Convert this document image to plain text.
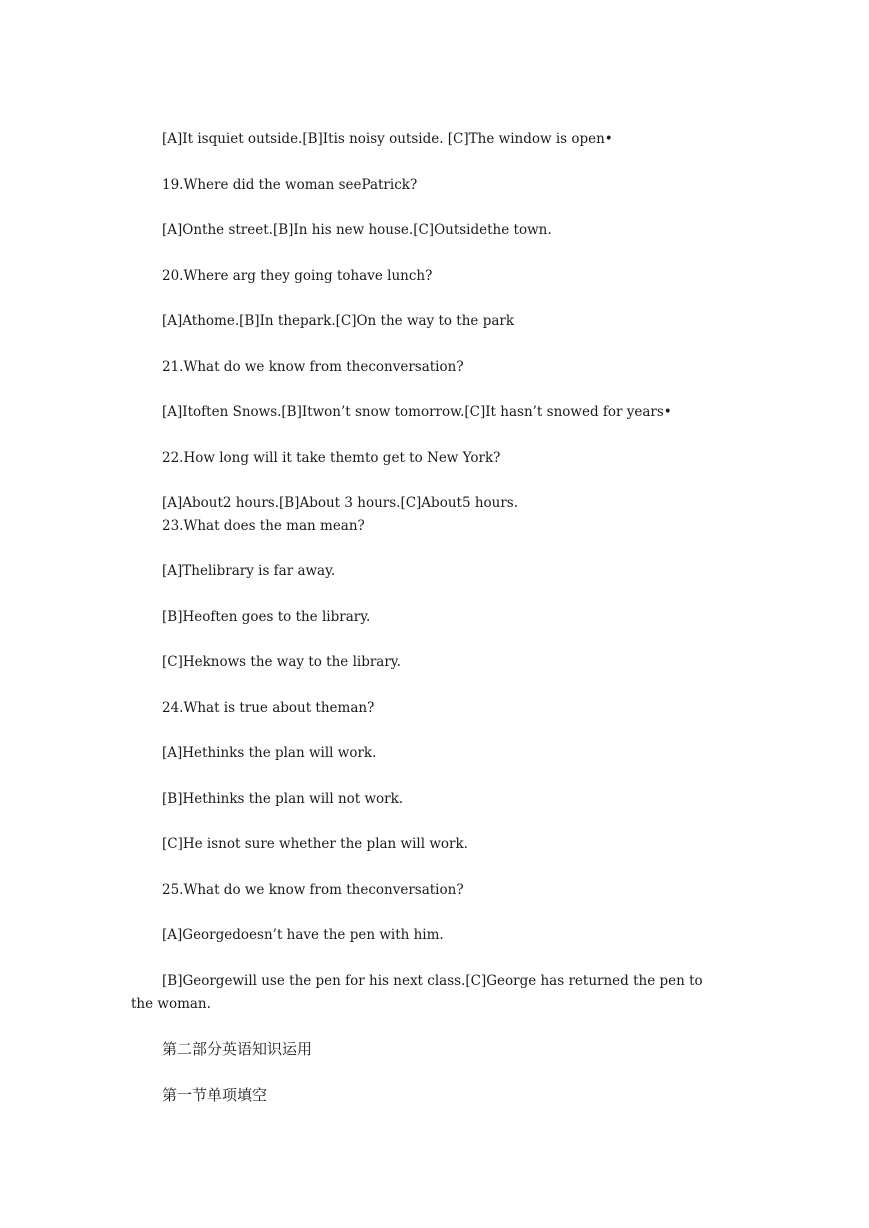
[A]It isquiet outside.[B]Itis noisy outside. [C]The window is open•
19.Where did the woman seePatrick?
[A]Onthe street.[B]In his new house.[C]Outsidethe town.
20.Where arg they going tohave lunch?
[A]Athome.[B]In thepark.[C]On the way to the park
21.What do we know from theconversation?
[A]Itoften Snows.[B]Itwon’t snow tomorrow.[C]It hasn’t snowed for years•
22.How long will it take themto get to New York?
[A]About2 hours.[B]About 3 hours.[C]About5 hours.
23.What does the man mean?
[A]Thelibrary is far away.
[B]Heoften goes to the library.
[C]Heknows the way to the library.
24.What is true about theman?
[A]Hethinks the plan will work.
[B]Hethinks the plan will not work.
[C]He isnot sure whether the plan will work.
25.What do we know from theconversation?
[A]Georgedoesn’t have the pen with him.
[B]Georgewill use the pen for his next class.[C]George has returned the pen to
the woman.
第二部分英语知识运用
第一节单项填空
